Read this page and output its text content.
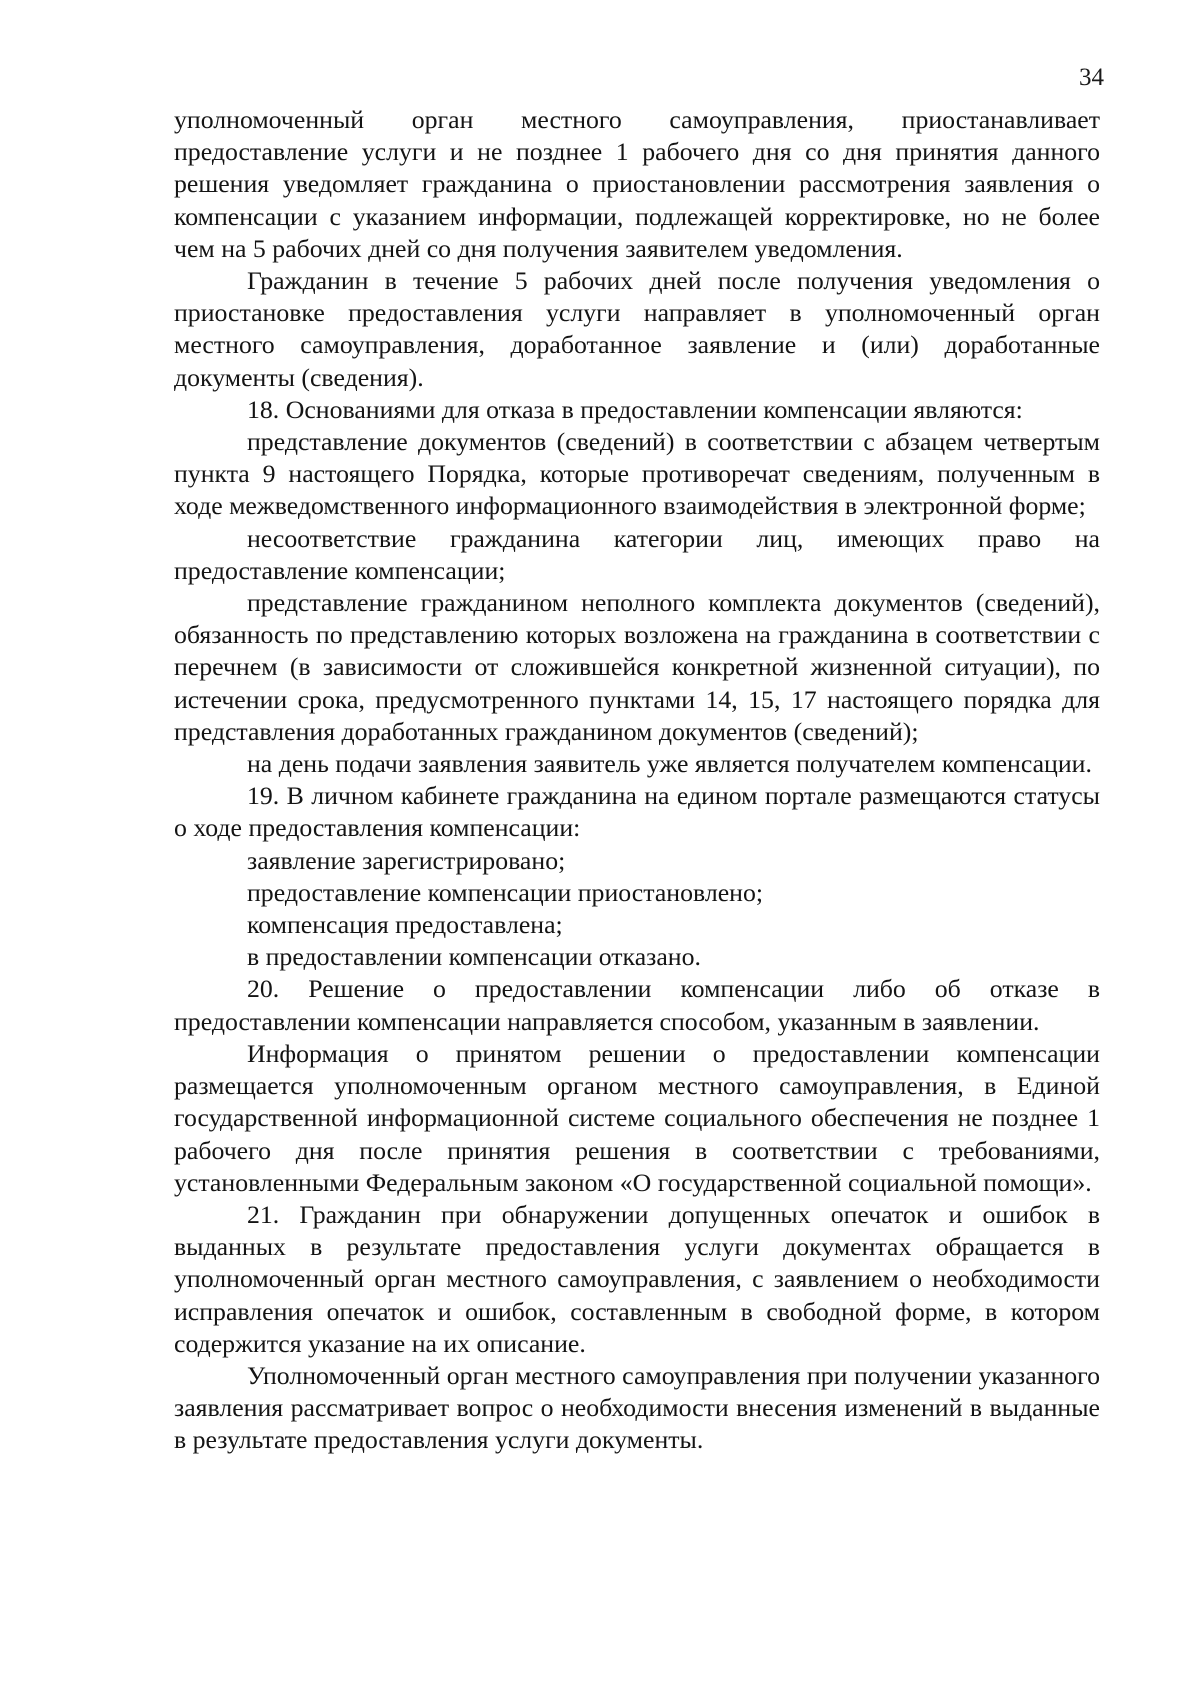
34

уполномоченный орган местного самоуправления, приостанавливает предоставление услуги и не позднее 1 рабочего дня со дня принятия данного решения уведомляет гражданина о приостановлении рассмотрения заявления о компенсации с указанием информации, подлежащей корректировке, но не более чем на 5 рабочих дней со дня получения заявителем уведомления.

Гражданин в течение 5 рабочих дней после получения уведомления о приостановке предоставления услуги направляет в уполномоченный орган местного самоуправления, доработанное заявление и (или) доработанные документы (сведения).

18. Основаниями для отказа в предоставлении компенсации являются:

представление документов (сведений) в соответствии с абзацем четвертым пункта 9 настоящего Порядка, которые противоречат сведениям, полученным в ходе межведомственного информационного взаимодействия в электронной форме;

несоответствие гражданина категории лиц, имеющих право на предоставление компенсации;

представление гражданином неполного комплекта документов (сведений), обязанность по представлению которых возложена на гражданина в соответствии с перечнем (в зависимости от сложившейся конкретной жизненной ситуации), по истечении срока, предусмотренного пунктами 14, 15, 17 настоящего порядка для представления доработанных гражданином документов (сведений);

на день подачи заявления заявитель уже является получателем компенсации.

19. В личном кабинете гражданина на едином портале размещаются статусы о ходе предоставления компенсации:

заявление зарегистрировано;

предоставление компенсации приостановлено;

компенсация предоставлена;

в предоставлении компенсации отказано.

20. Решение о предоставлении компенсации либо об отказе в предоставлении компенсации направляется способом, указанным в заявлении.

Информация о принятом решении о предоставлении компенсации размещается уполномоченным органом местного самоуправления, в Единой государственной информационной системе социального обеспечения не позднее 1 рабочего дня после принятия решения в соответствии с требованиями, установленными Федеральным законом «О государственной социальной помощи».

21. Гражданин при обнаружении допущенных опечаток и ошибок в выданных в результате предоставления услуги документах обращается в уполномоченный орган местного самоуправления, с заявлением о необходимости исправления опечаток и ошибок, составленным в свободной форме, в котором содержится указание на их описание.

Уполномоченный орган местного самоуправления при получении указанного заявления рассматривает вопрос о необходимости внесения изменений в выданные в результате предоставления услуги документы.
